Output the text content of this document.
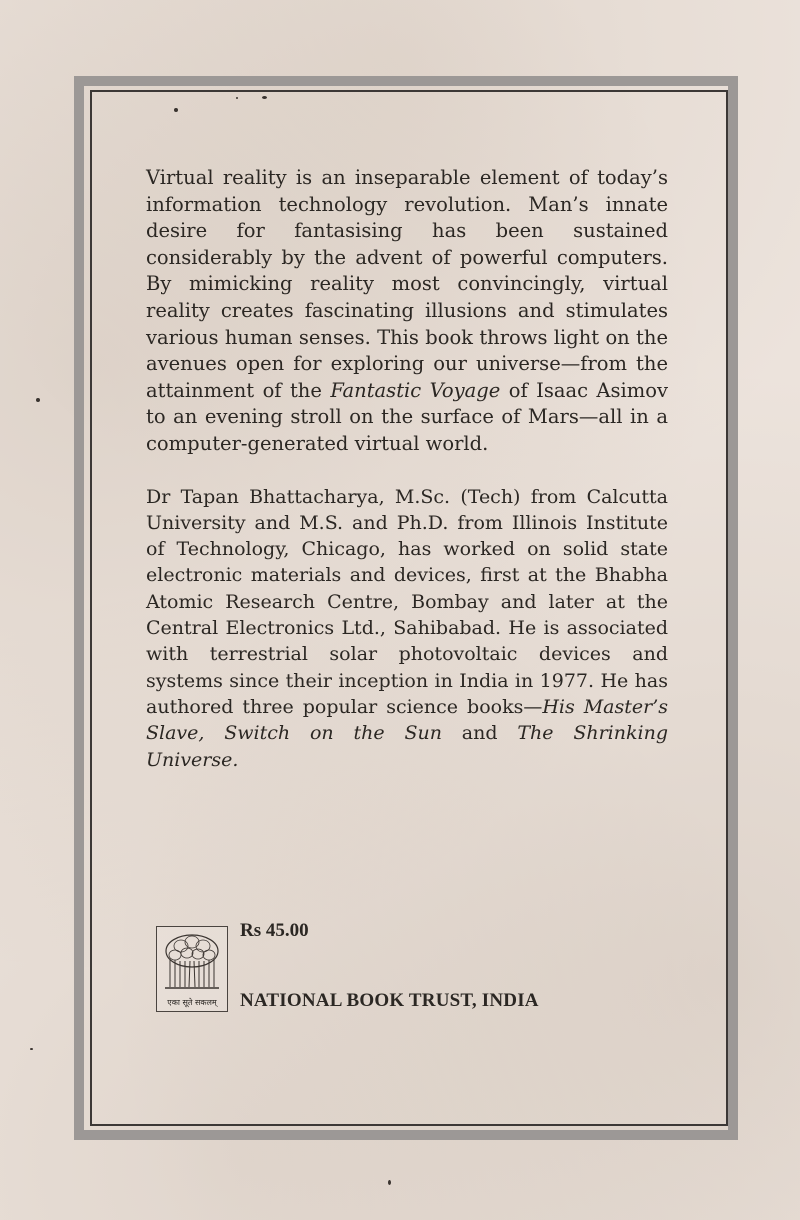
Virtual reality is an inseparable element of today’s information technology revolution. Man’s innate desire for fantasising has been sustained considerably by the advent of powerful computers. By mimicking reality most convincingly, virtual reality creates fascinating illusions and stimulates various human senses. This book throws light on the avenues open for exploring our universe—from the attainment of the Fantastic Voyage of Isaac Asimov to an evening stroll on the surface of Mars—all in a computer-generated virtual world.

Dr Tapan Bhattacharya, M.Sc. (Tech) from Calcutta University and M.S. and Ph.D. from Illinois Institute of Technology, Chicago, has worked on solid state electronic materials and devices, first at the Bhabha Atomic Research Centre, Bombay and later at the Central Electronics Ltd., Sahibabad. He is associated with terrestrial solar photovoltaic devices and systems since their inception in India in 1977. He has authored three popular science books—His Master’s Slave, Switch on the Sun and The Shrinking Universe.

एका सूते सकलम्
Rs 45.00
NATIONAL BOOK TRUST, INDIA
